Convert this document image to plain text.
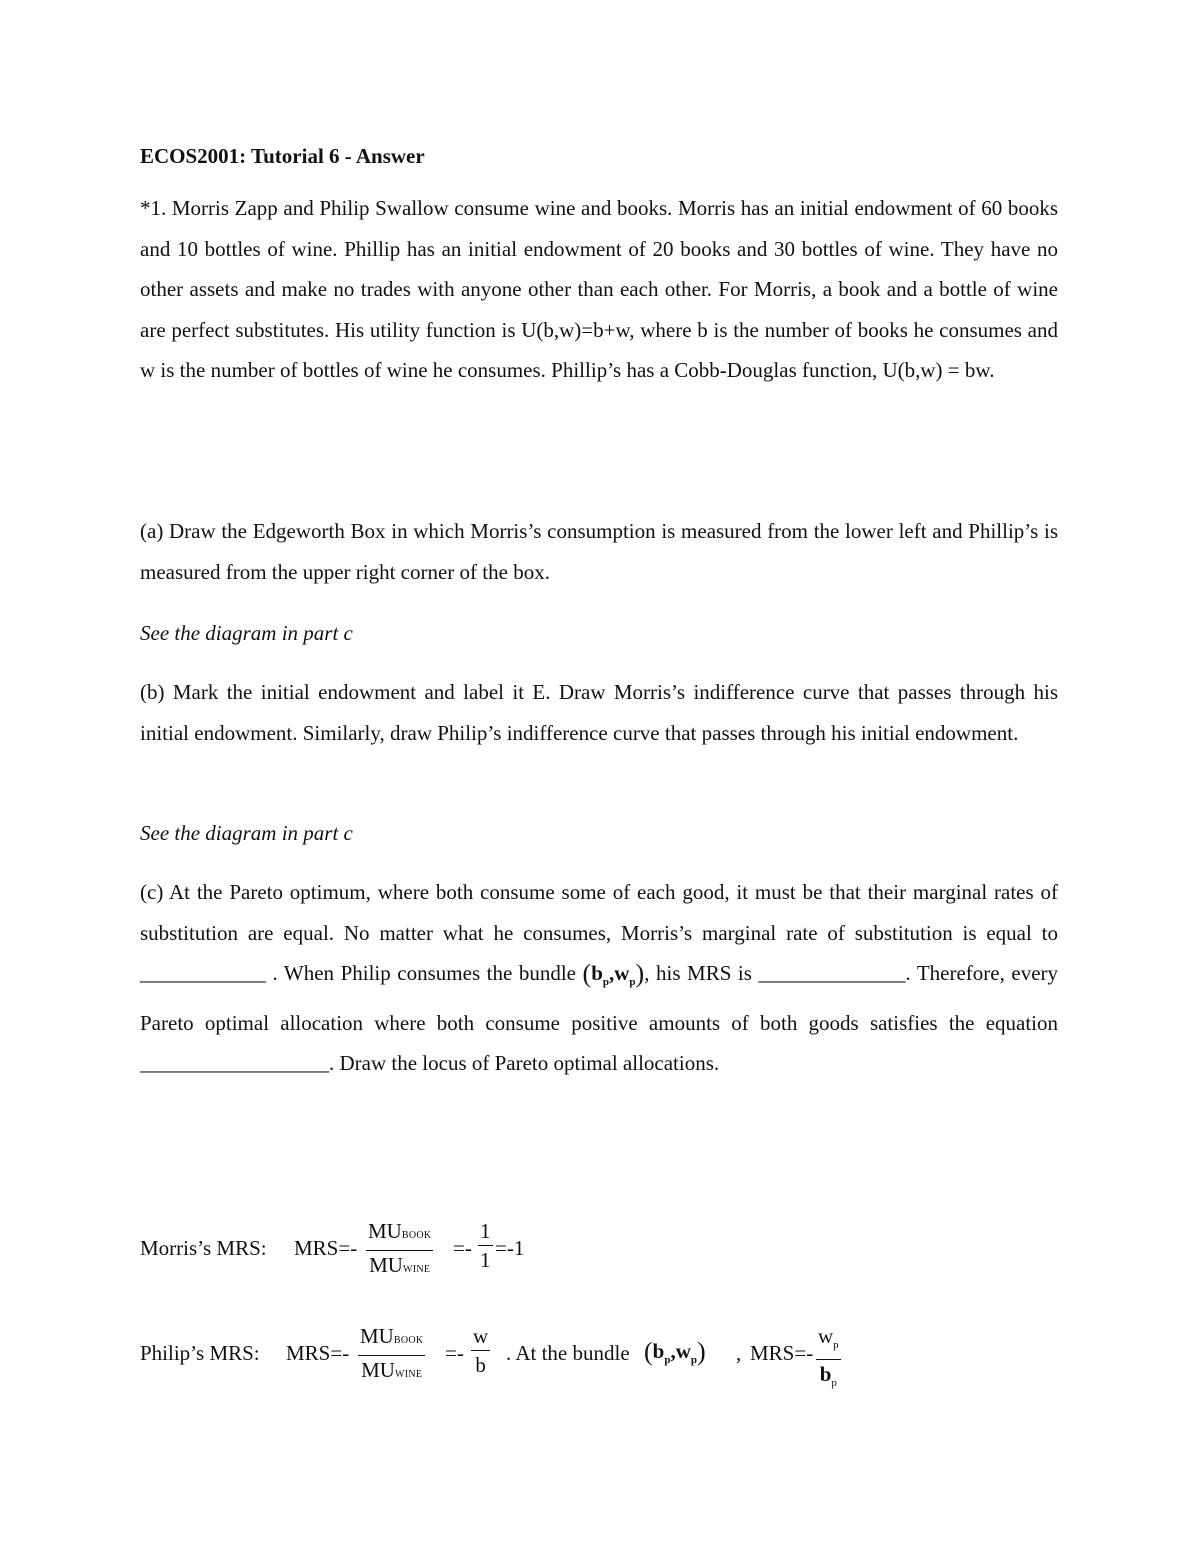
ECOS2001: Tutorial 6 - Answer
*1. Morris Zapp and Philip Swallow consume wine and books. Morris has an initial endowment of 60 books and 10 bottles of wine. Phillip has an initial endowment of 20 books and 30 bottles of wine. They have no other assets and make no trades with anyone other than each other. For Morris, a book and a bottle of wine are perfect substitutes. His utility function is U(b,w)=b+w, where b is the number of books he consumes and w is the number of bottles of wine he consumes. Phillip’s has a Cobb-Douglas function, U(b,w) = bw.
(a) Draw the Edgeworth Box in which Morris’s consumption is measured from the lower left and Phillip’s is measured from the upper right corner of the box.
See the diagram in part c
(b) Mark the initial endowment and label it E. Draw Morris’s indifference curve that passes through his initial endowment. Similarly, draw Philip’s indifference curve that passes through his initial endowment.
See the diagram in part c
(c) At the Pareto optimum, where both consume some of each good, it must be that their marginal rates of substitution are equal. No matter what he consumes, Morris’s marginal rate of substitution is equal to ____________ . When Philip consumes the bundle $(b_p,w_p)$, his MRS is ______________. Therefore, every Pareto optimal allocation where both consume positive amounts of both goods satisfies the equation __________________. Draw the locus of Pareto optimal allocations.
Morris’s MRS: MRS=-
MUBOOK
MUWINE
=- $\frac{1}{1} =-1$
Philip’s MRS: MRS=-
MUBOOK
MUWINE
=- $\frac{w}{b}$ . At the bundle $(b_p,w_p)$ , $MRS=- \frac{w_p}{b_p}$
